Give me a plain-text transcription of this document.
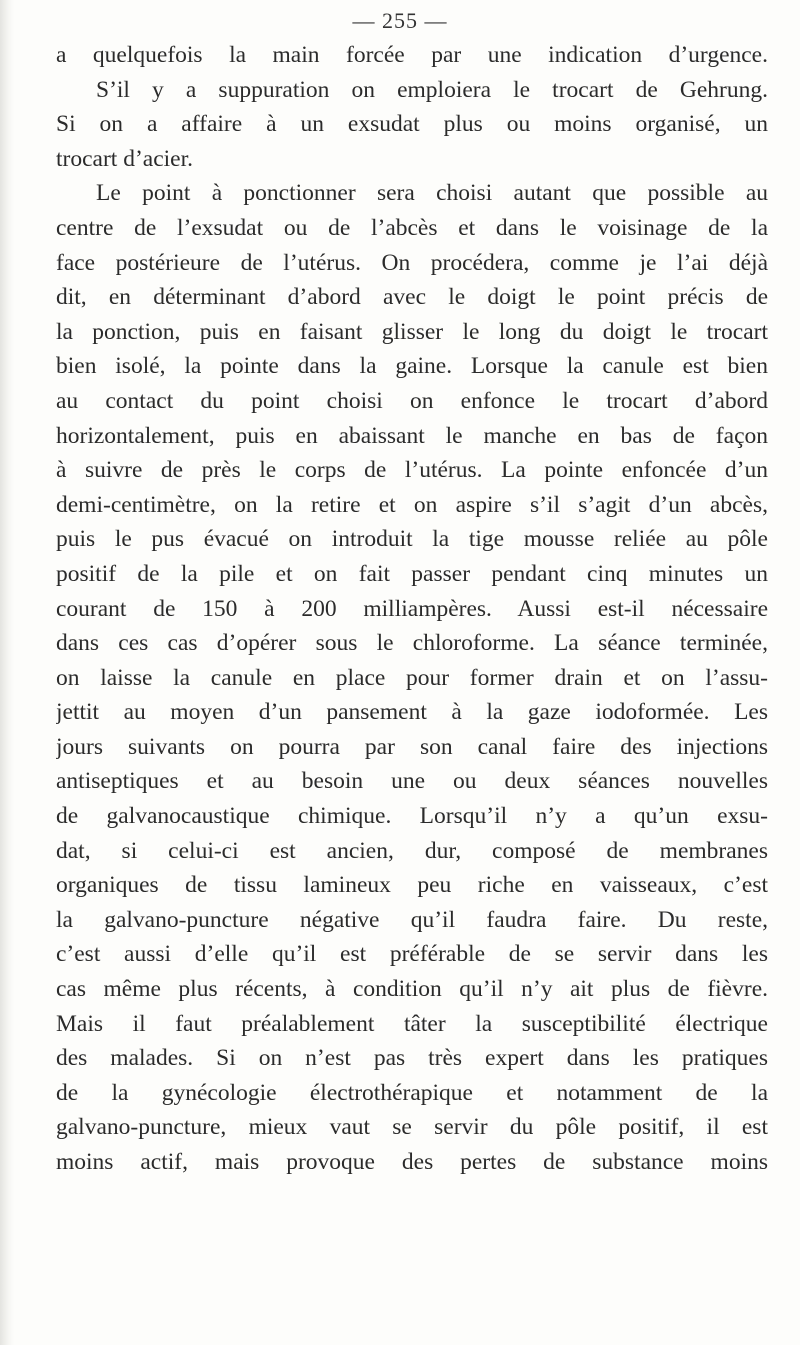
— 255 —
a quelquefois la main forcée par une indication d’urgence.
S’il y a suppuration on emploiera le trocart de Gehrung.
Si on a affaire à un exsudat plus ou moins organisé, un
trocart d’acier.
Le point à ponctionner sera choisi autant que possible au
centre de l’exsudat ou de l’abcès et dans le voisinage de la
face postérieure de l’utérus. On procédera, comme je l’ai déjà
dit, en déterminant d’abord avec le doigt le point précis de
la ponction, puis en faisant glisser le long du doigt le trocart
bien isolé, la pointe dans la gaine. Lorsque la canule est bien
au contact du point choisi on enfonce le trocart d’abord
horizontalement, puis en abaissant le manche en bas de façon
à suivre de près le corps de l’utérus. La pointe enfoncée d’un
demi-centimètre, on la retire et on aspire s’il s’agit d’un abcès,
puis le pus évacué on introduit la tige mousse reliée au pôle
positif de la pile et on fait passer pendant cinq minutes un
courant de 150 à 200 milliampères. Aussi est-il nécessaire
dans ces cas d’opérer sous le chloroforme. La séance terminée,
on laisse la canule en place pour former drain et on l’assu-
jettit au moyen d’un pansement à la gaze iodoformée. Les
jours suivants on pourra par son canal faire des injections
antiseptiques et au besoin une ou deux séances nouvelles
de galvanocaustique chimique. Lorsqu’il n’y a qu’un exsu-
dat, si celui-ci est ancien, dur, composé de membranes
organiques de tissu lamineux peu riche en vaisseaux, c’est
la galvano-puncture négative qu’il faudra faire. Du reste,
c’est aussi d’elle qu’il est préférable de se servir dans les
cas même plus récents, à condition qu’il n’y ait plus de fièvre.
Mais il faut préalablement tâter la susceptibilité électrique
des malades. Si on n’est pas très expert dans les pratiques
de la gynécologie électrothérapique et notamment de la
galvano-puncture, mieux vaut se servir du pôle positif, il est
moins actif, mais provoque des pertes de substance moins
